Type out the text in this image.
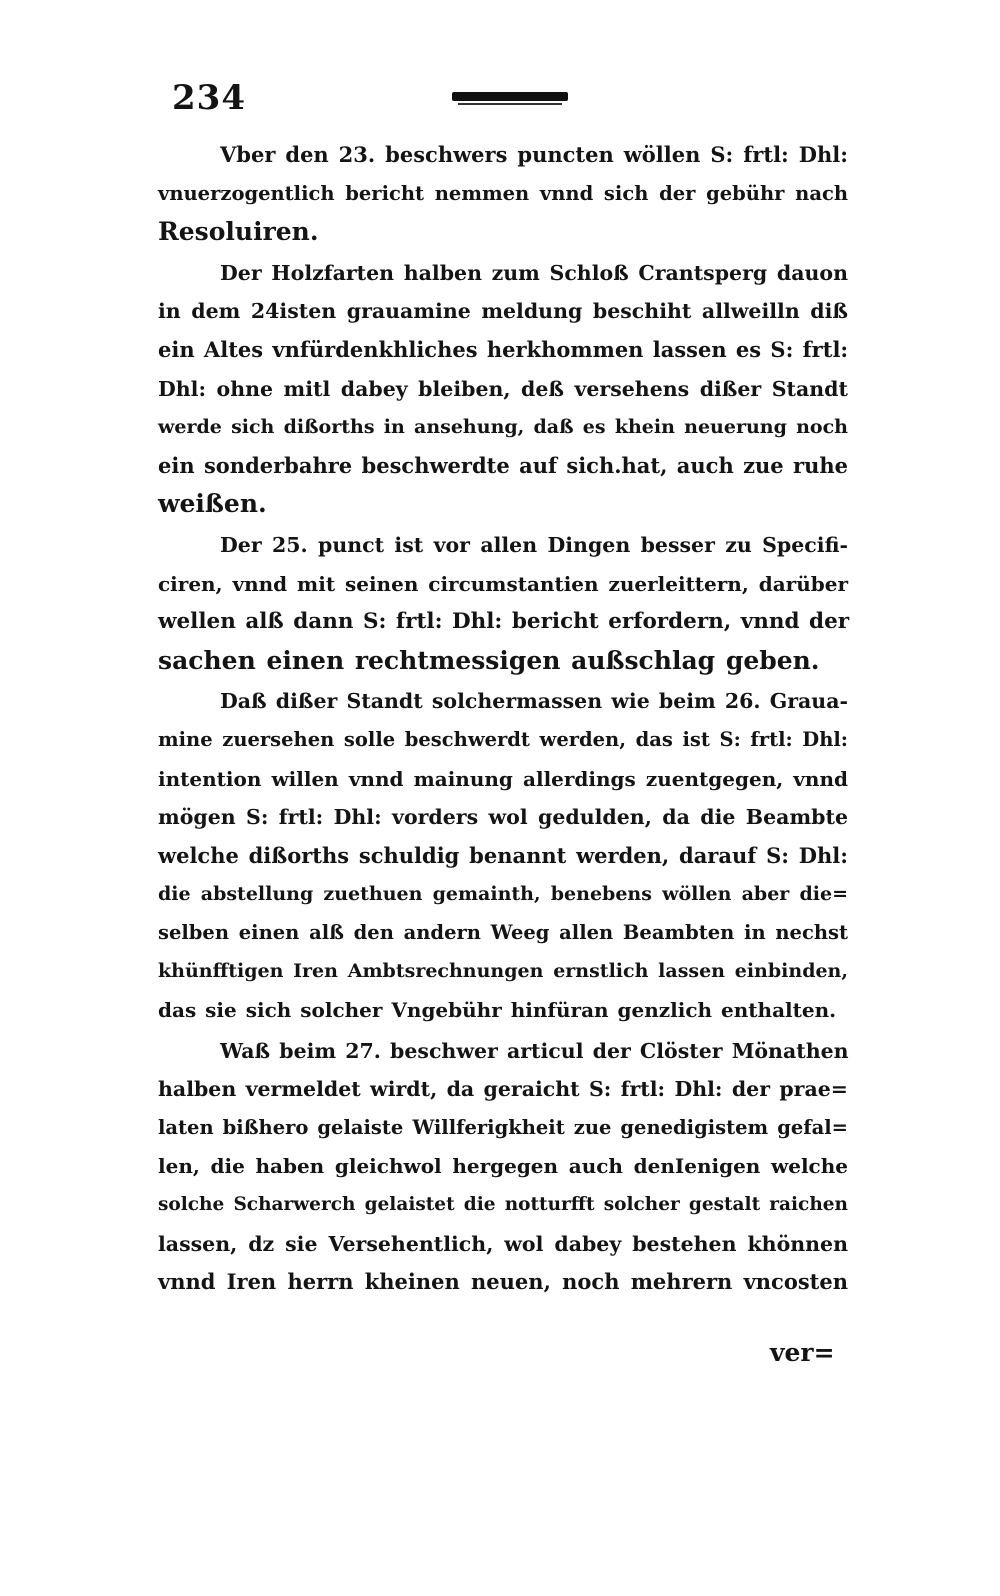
234
Vber den 23. beschwers puncten wöllen S: frtl: Dhl:
vnuerzogentlich bericht nemmen vnnd sich der gebühr nach
Resoluiren.
Der Holzfarten halben zum Schloß Crantsperg dauon
in dem 24isten grauamine meldung beschiht allweilln diß
ein Altes vnfürdenkhliches herkhommen lassen es S: frtl:
Dhl: ohne mitl dabey bleiben, deß versehens dißer Standt
werde sich dißorths in ansehung, daß es khein neuerung noch
ein sonderbahre beschwerdte auf sich.hat, auch zue ruhe
weißen.
Der 25. punct ist vor allen Dingen besser zu Specifi-
ciren, vnnd mit seinen circumstantien zuerleittern, darüber
wellen alß dann S: frtl: Dhl: bericht erfordern, vnnd der
sachen einen rechtmessigen außschlag geben.
Daß dißer Standt solchermassen wie beim 26. Graua-
mine zuersehen solle beschwerdt werden, das ist S: frtl: Dhl:
intention willen vnnd mainung allerdings zuentgegen, vnnd
mögen S: frtl: Dhl: vorders wol gedulden, da die Beambte
welche dißorths schuldig benannt werden, darauf S: Dhl:
die abstellung zuethuen gemainth, benebens wöllen aber die=
selben einen alß den andern Weeg allen Beambten in nechst
khünfftigen Iren Ambtsrechnungen ernstlich lassen einbinden,
das sie sich solcher Vngebühr hinfüran genzlich enthalten.
Waß beim 27. beschwer articul der Clöster Mönathen
halben vermeldet wirdt, da geraicht S: frtl: Dhl: der prae=
laten bißhero gelaiste Willferigkheit zue genedigistem gefal=
len, die haben gleichwol hergegen auch denIenigen welche
solche Scharwerch gelaistet die notturfft solcher gestalt raichen
lassen, dz sie Versehentlich, wol dabey bestehen khönnen
vnnd Iren herrn kheinen neuen, noch mehrern vncosten
ver=
